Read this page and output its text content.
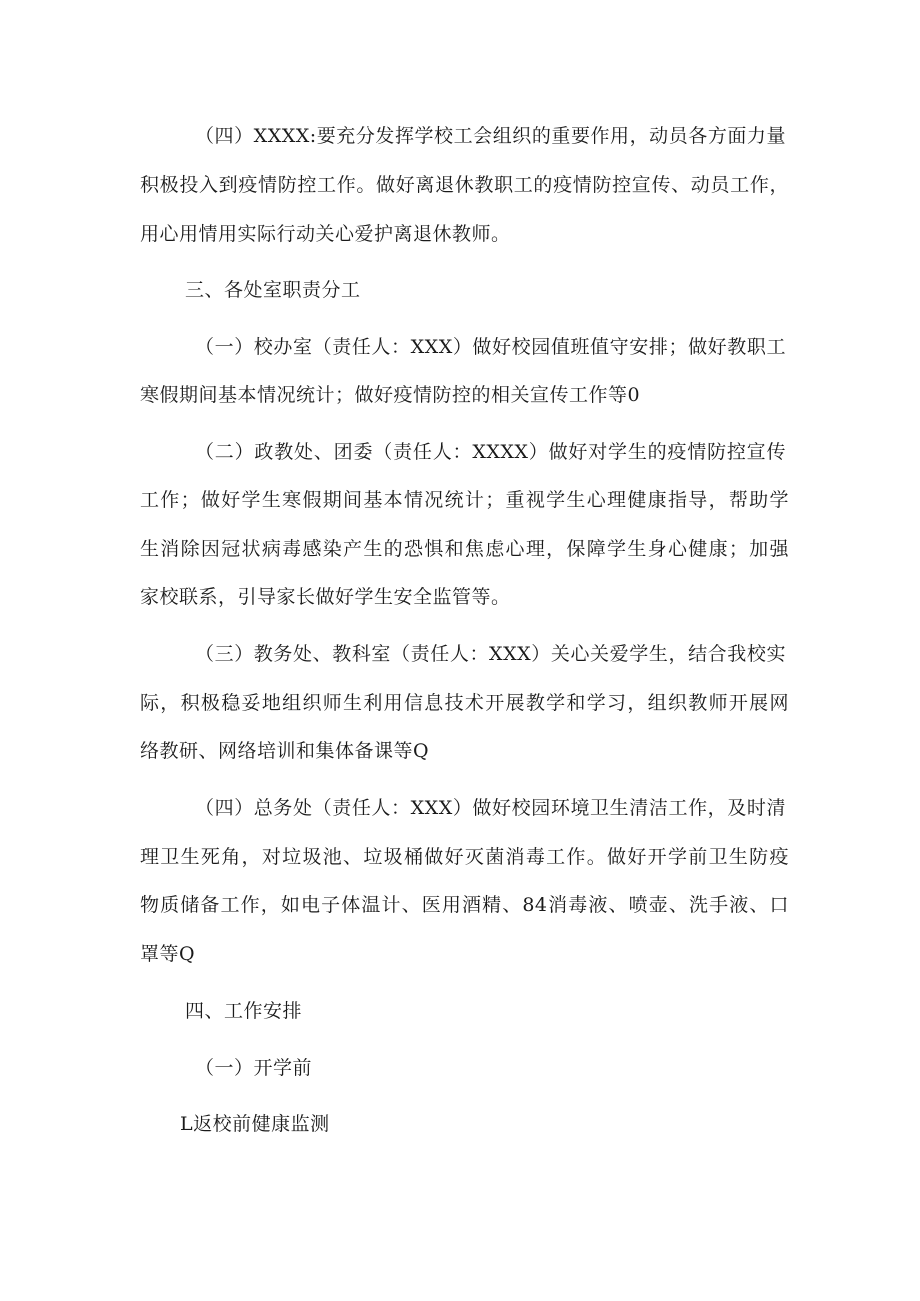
（四）XXXX:要充分发挥学校工会组织的重要作用，动员各方面力量
积极投入到疫情防控工作。做好离退休教职工的疫情防控宣传、动员工作，
用心用情用实际行动关心爱护离退休教师。
三、各处室职责分工
（一）校办室（责任人：XXX）做好校园值班值守安排；做好教职工
寒假期间基本情况统计；做好疫情防控的相关宣传工作等0
（二）政教处、团委（责任人：XXXX）做好对学生的疫情防控宣传
工作；做好学生寒假期间基本情况统计；重视学生心理健康指导，帮助学
生消除因冠状病毒感染产生的恐惧和焦虑心理，保障学生身心健康；加强
家校联系，引导家长做好学生安全监管等。
（三）教务处、教科室（责任人：XXX）关心关爱学生，结合我校实
际，积极稳妥地组织师生利用信息技术开展教学和学习，组织教师开展网
络教研、网络培训和集体备课等Q
（四）总务处（责任人：XXX）做好校园环境卫生清洁工作，及时清
理卫生死角，对垃圾池、垃圾桶做好灭菌消毒工作。做好开学前卫生防疫
物质储备工作，如电子体温计、医用酒精、84消毒液、喷壶、洗手液、口
罩等Q
四、工作安排
（一）开学前
L返校前健康监测
